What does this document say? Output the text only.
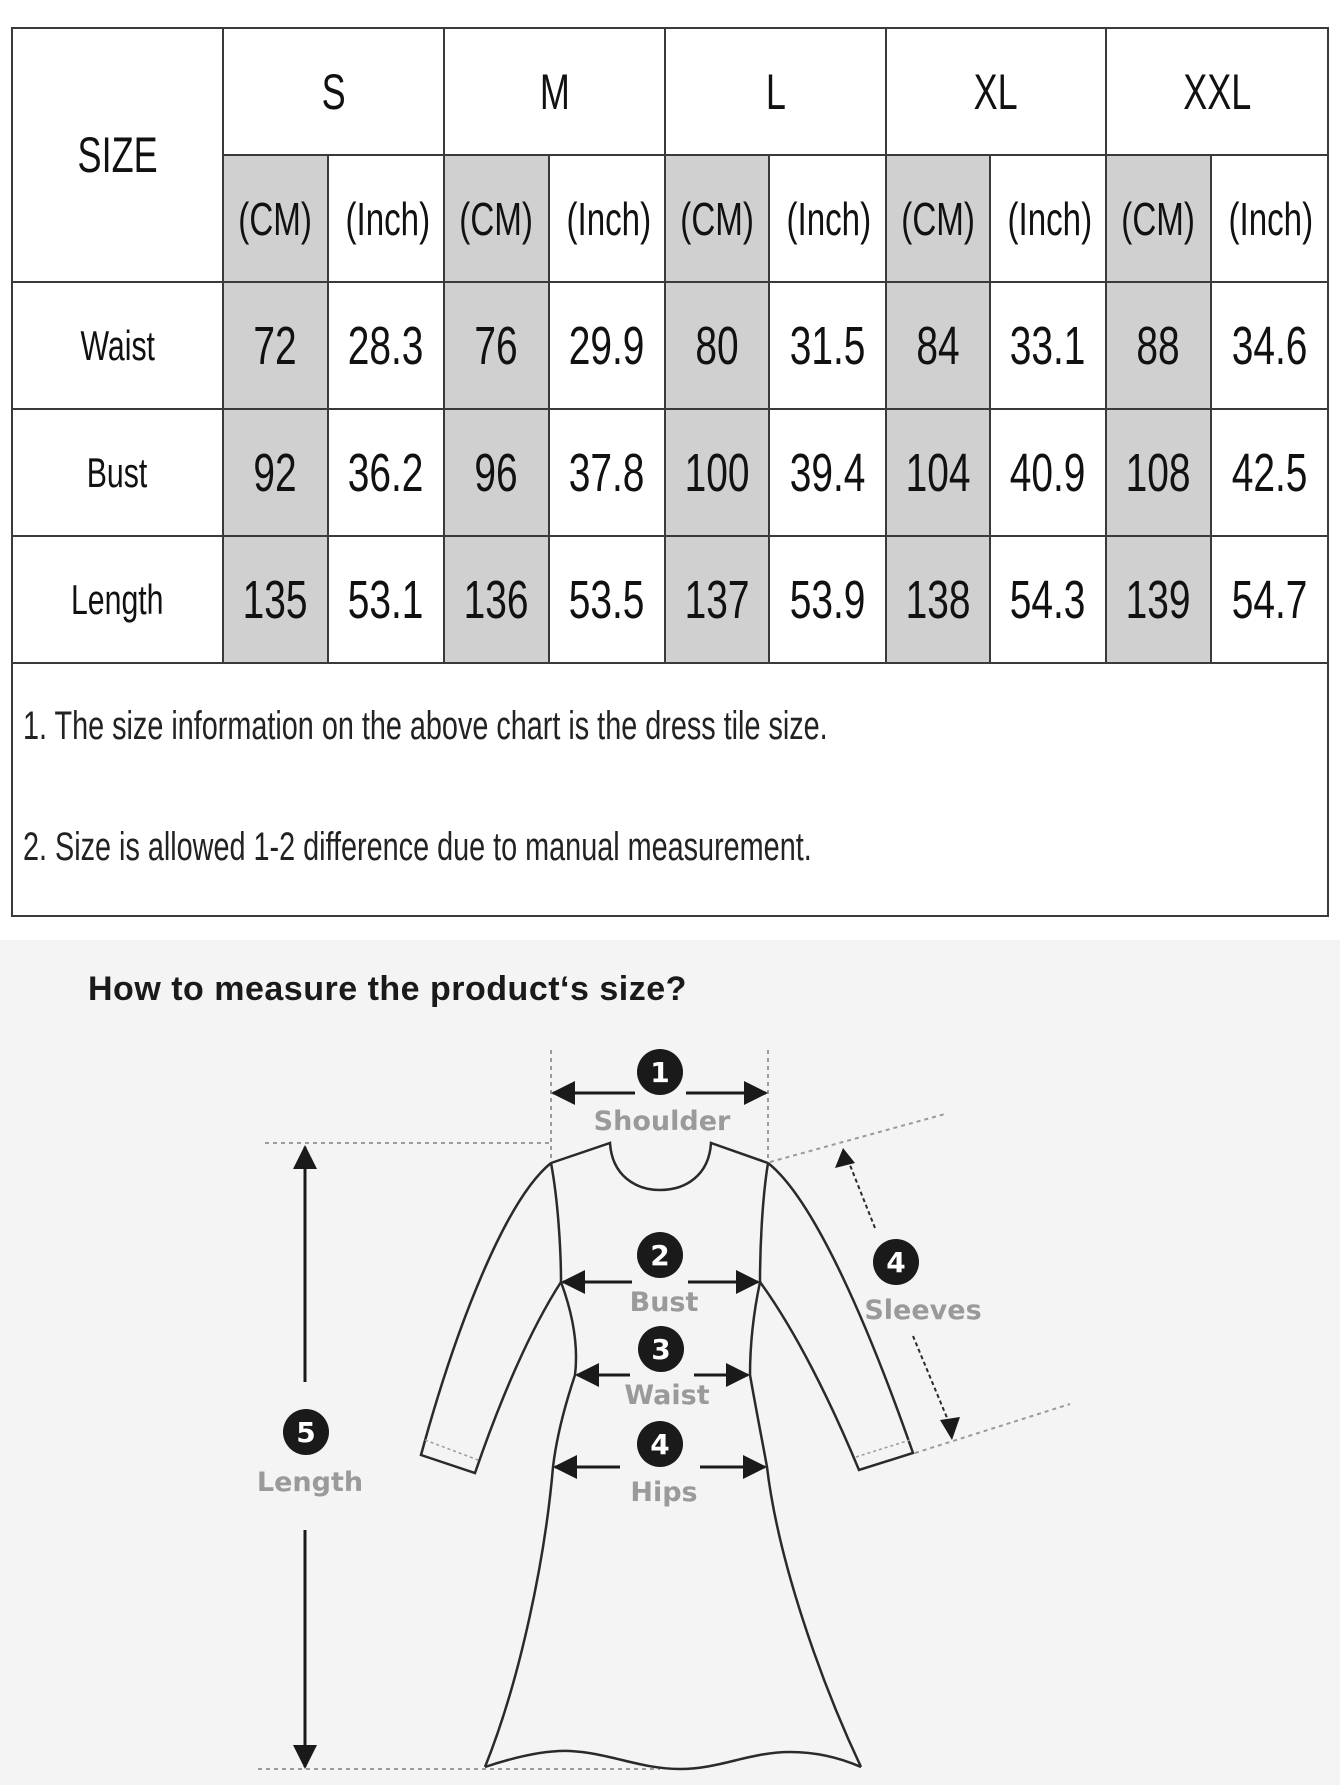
SIZE	S		M		L		XL		XXL	
	(CM)	(Inch)	(CM)	(Inch)	(CM)	(Inch)	(CM)	(Inch)	(CM)	(Inch)
Waist	72	28.3	76	29.9	80	31.5	84	33.1	88	34.6
Bust	92	36.2	96	37.8	100	39.4	104	40.9	108	42.5
Length	135	53.1	136	53.5	137	53.9	138	54.3	139	54.7

1. The size information on the above chart is the dress tile size.
2. Size is allowed 1-2 difference due to manual measurement.										
How to measure the product‘s size?
1
Shoulder
2
Bust
3
Waist
4
Hips
4
Sleeves
5
Length
